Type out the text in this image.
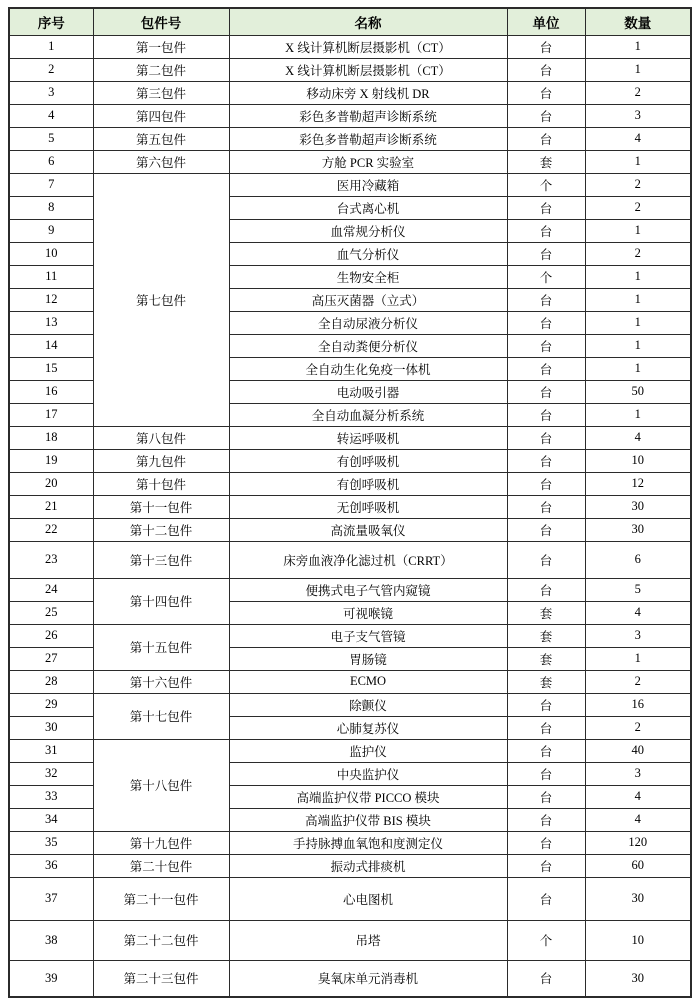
序号	包件号	名称	单位	数量
1	第一包件	X 线计算机断层摄影机（CT）	台	1
2	第二包件	X 线计算机断层摄影机（CT）	台	1
3	第三包件	移动床旁 X 射线机 DR	台	2
4	第四包件	彩色多普勒超声诊断系统	台	3
5	第五包件	彩色多普勒超声诊断系统	台	4
6	第六包件	方舱 PCR 实验室	套	1
7	第七包件	医用冷藏箱	个	2
8		台式离心机	台	2
9		血常规分析仪	台	1
10		血气分析仪	台	2
11		生物安全柜	个	1
12		高压灭菌器（立式）	台	1
13		全自动尿液分析仪	台	1
14		全自动粪便分析仪	台	1
15		全自动生化免疫一体机	台	1
16		电动吸引器	台	50
17		全自动血凝分析系统	台	1
18	第八包件	转运呼吸机	台	4
19	第九包件	有创呼吸机	台	10
20	第十包件	有创呼吸机	台	12
21	第十一包件	无创呼吸机	台	30
22	第十二包件	高流量吸氧仪	台	30
23	第十三包件	床旁血液净化滤过机（CRRT）	台	6
24	第十四包件	便携式电子气管内窥镜	台	5
25		可视喉镜	套	4
26	第十五包件	电子支气管镜	套	3
27		胃肠镜	套	1
28	第十六包件	ECMO	套	2
29	第十七包件	除颤仪	台	16
30		心肺复苏仪	台	2
31	第十八包件	监护仪	台	40
32		中央监护仪	台	3
33		高端监护仪带 PICCO 模块	台	4
34		高端监护仪带 BIS 模块	台	4
35	第十九包件	手持脉搏血氧饱和度测定仪	台	120
36	第二十包件	振动式排痰机	台	60
37	第二十一包件	心电图机	台	30
38	第二十二包件	吊塔	个	10
39	第二十三包件	臭氧床单元消毒机	台	30
